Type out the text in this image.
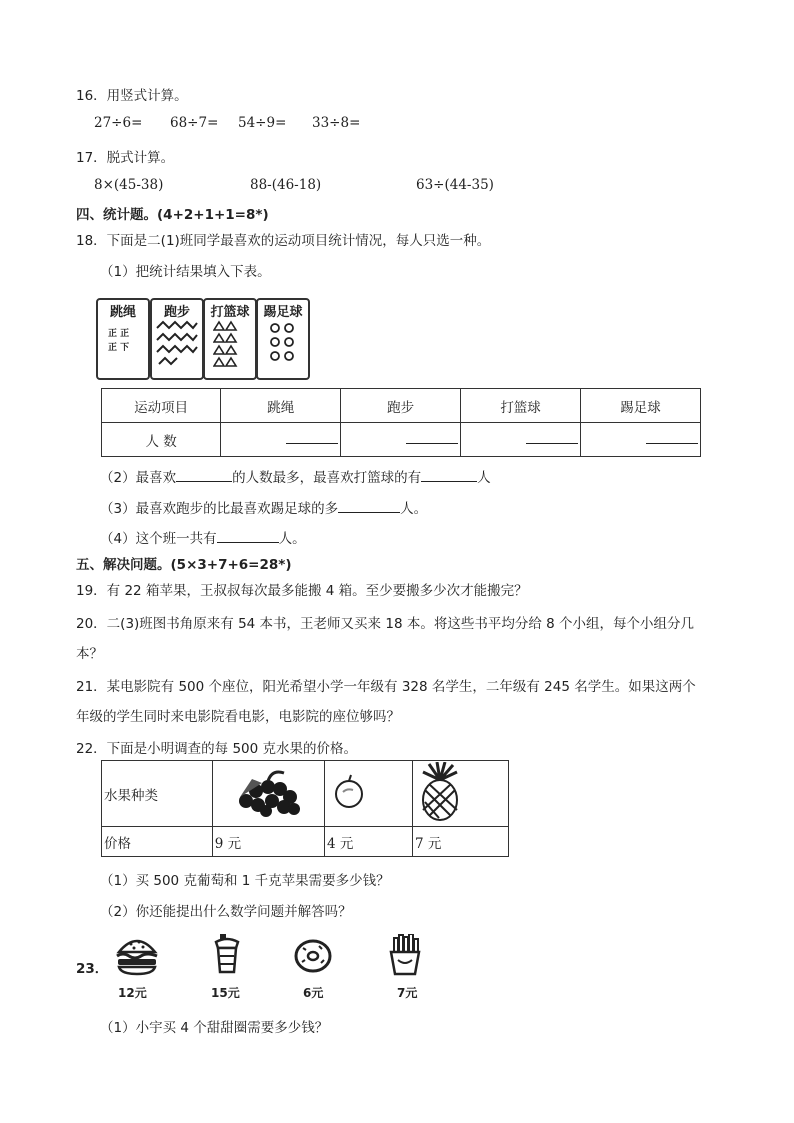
16．用竖式计算。
27÷6= 68÷7= 54÷9= 33÷8=
17．脱式计算。
8×(45-38)	88-(46-18)	63÷(44-35)
四、统计题。(4+2+1+1=8*)
18．下面是二(1)班同学最喜欢的运动项目统计情况，每人只选一种。
（1）把统计结果填入下表。
跳绳
正 正
正 下
跑步	打篮球	踢足球
运动项目	跳绳	跑步	打篮球	踢足球
人 数				
（2）最喜欢	的人数最多，最喜欢打篮球的有	人
（3）最喜欢跑步的比最喜欢踢足球的多	人。
（4）这个班一共有	人。
五、解决问题。(5×3+7+6=28*)
19．有 22 箱苹果，王叔叔每次最多能搬 4 箱。至少要搬多少次才能搬完？
20．二(3)班图书角原来有 54 本书，王老师又买来 18 本。将这些书平均分给 8 个小组，每个小组分几
本？
21．某电影院有 500 个座位，阳光希望小学一年级有 328 名学生，二年级有 245 名学生。如果这两个
年级的学生同时来电影院看电影，电影院的座位够吗？
22．下面是小明调查的每 500 克水果的价格。
水果种类			
价格	9 元	4 元	7 元
（1）买 500 克葡萄和 1 千克苹果需要多少钱？
（2）你还能提出什么数学问题并解答吗？
23．
12元	15元	6元	7元
（1）小宇买 4 个甜甜圈需要多少钱？
